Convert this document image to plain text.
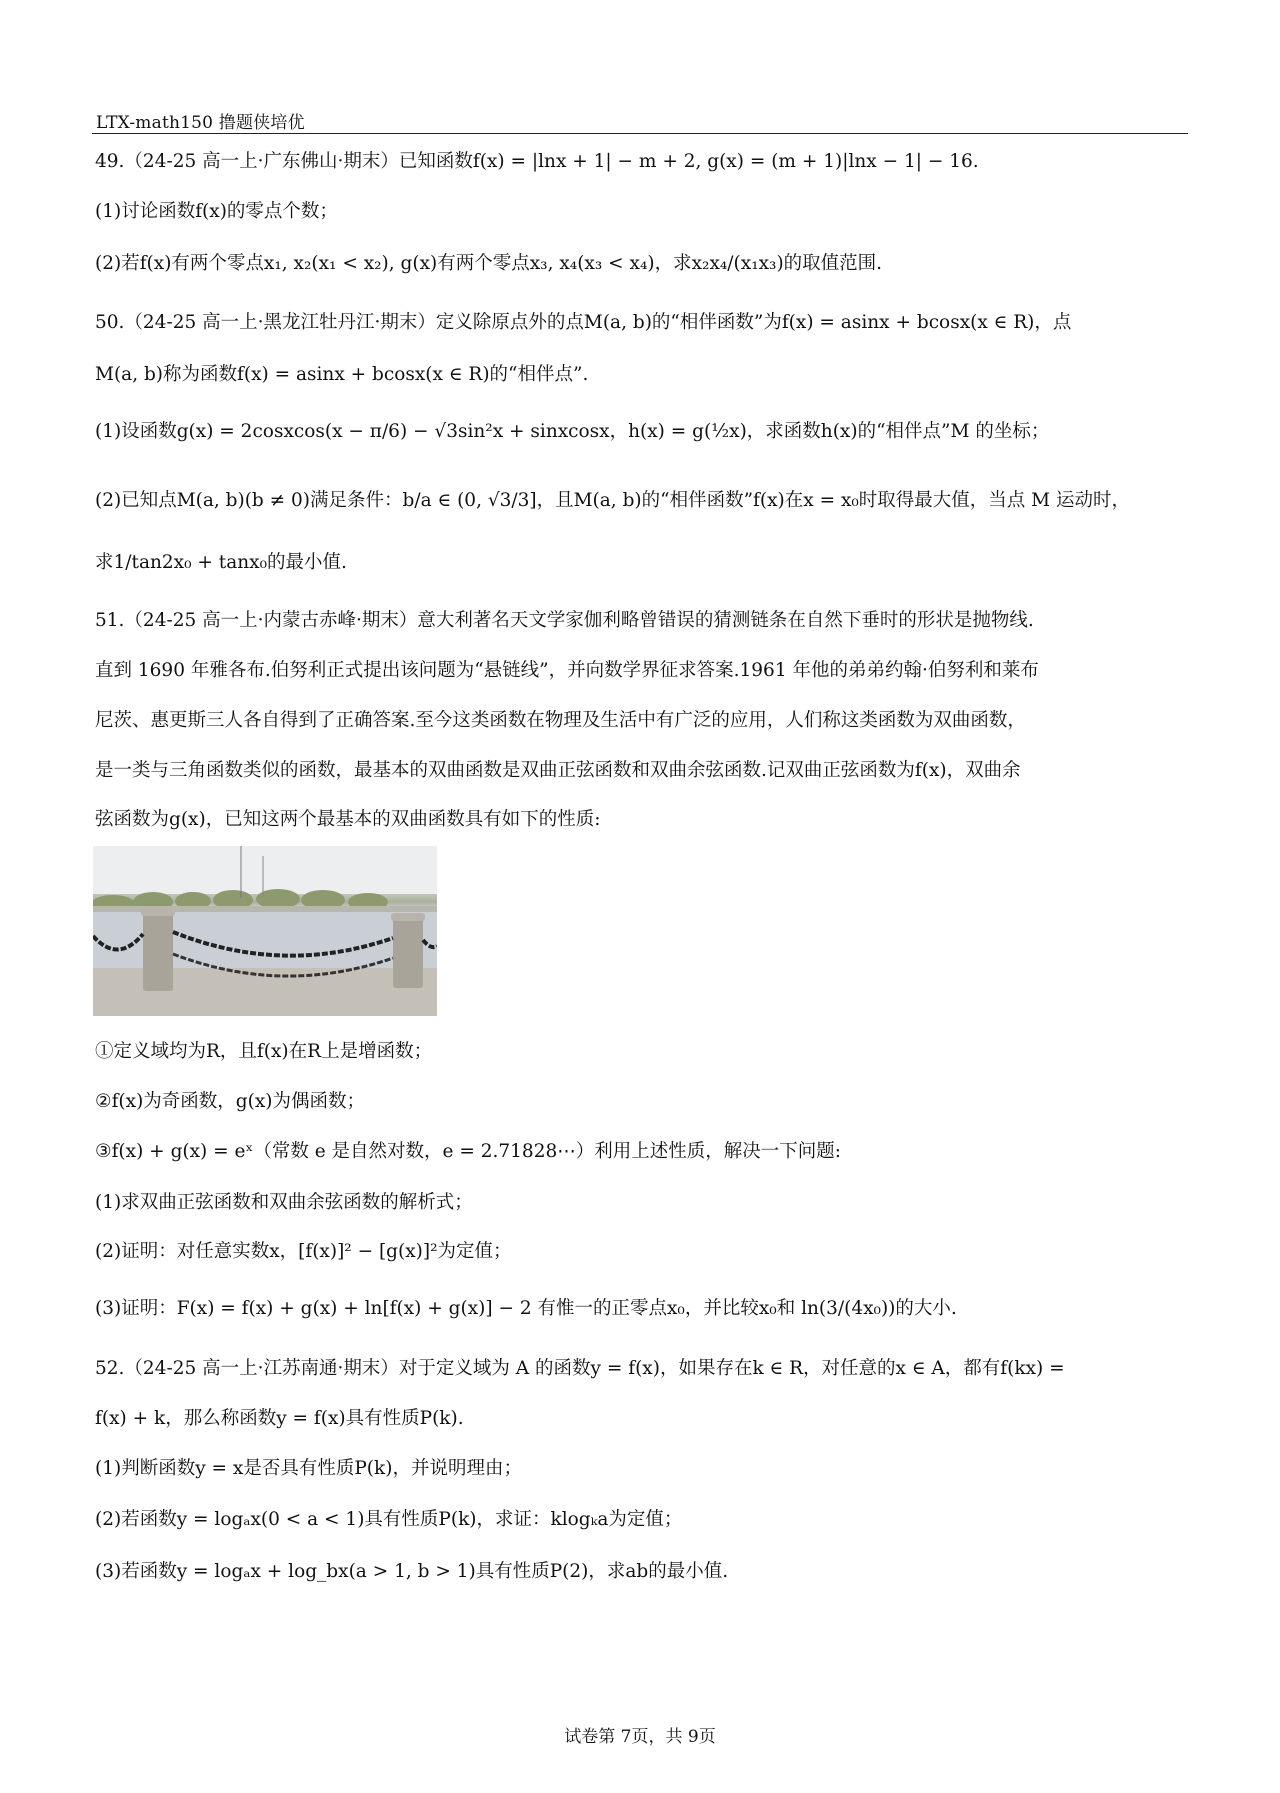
LTX-math150 撸题侠培优
49.（24-25 高一上·广东佛山·期末）已知函数f(x) = |lnx + 1| − m + 2, g(x) = (m + 1)|lnx − 1| − 16.
(1)讨论函数f(x)的零点个数；
(2)若f(x)有两个零点x₁, x₂(x₁ < x₂), g(x)有两个零点x₃, x₄(x₃ < x₄)，求x₂x₄/(x₁x₃)的取值范围.
50.（24-25 高一上·黑龙江牡丹江·期末）定义除原点外的点M(a, b)的“相伴函数”为f(x) = asinx + bcosx(x ∈ R)，点
M(a, b)称为函数f(x) = asinx + bcosx(x ∈ R)的“相伴点”.
(1)设函数g(x) = 2cosxcos(x − π/6) − √3sin²x + sinxcosx，h(x) = g(½x)，求函数h(x)的“相伴点”M 的坐标；
(2)已知点M(a, b)(b ≠ 0)满足条件：b/a ∈ (0, √3/3]，且M(a, b)的“相伴函数”f(x)在x = x₀时取得最大值，当点 M 运动时，
求1/tan2x₀ + tanx₀的最小值.
51.（24-25 高一上·内蒙古赤峰·期末）意大利著名天文学家伽利略曾错误的猜测链条在自然下垂时的形状是抛物线.
直到 1690 年雅各布.伯努利正式提出该问题为“悬链线”，并向数学界征求答案.1961 年他的弟弟约翰·伯努利和莱布
尼茨、惠更斯三人各自得到了正确答案.至今这类函数在物理及生活中有广泛的应用，人们称这类函数为双曲函数，
是一类与三角函数类似的函数，最基本的双曲函数是双曲正弦函数和双曲余弦函数.记双曲正弦函数为f(x)，双曲余
弦函数为g(x)，已知这两个最基本的双曲函数具有如下的性质:
①定义域均为R，且f(x)在R上是增函数；
②f(x)为奇函数，g(x)为偶函数；
③f(x) + g(x) = eˣ（常数 e 是自然对数，e = 2.71828⋯）利用上述性质，解决一下问题:
(1)求双曲正弦函数和双曲余弦函数的解析式；
(2)证明：对任意实数x，[f(x)]² − [g(x)]²为定值；
(3)证明：F(x) = f(x) + g(x) + ln[f(x) + g(x)] − 2 有惟一的正零点x₀，并比较x₀和 ln(3/(4x₀))的大小.
52.（24-25 高一上·江苏南通·期末）对于定义域为 A 的函数y = f(x)，如果存在k ∈ R，对任意的x ∈ A，都有f(kx) =
f(x) + k，那么称函数y = f(x)具有性质P(k).
(1)判断函数y = x是否具有性质P(k)，并说明理由；
(2)若函数y = logₐx(0 < a < 1)具有性质P(k)，求证：klogₖa为定值；
(3)若函数y = logₐx + log_bx(a > 1, b > 1)具有性质P(2)，求ab的最小值.
试卷第 7页，共 9页
